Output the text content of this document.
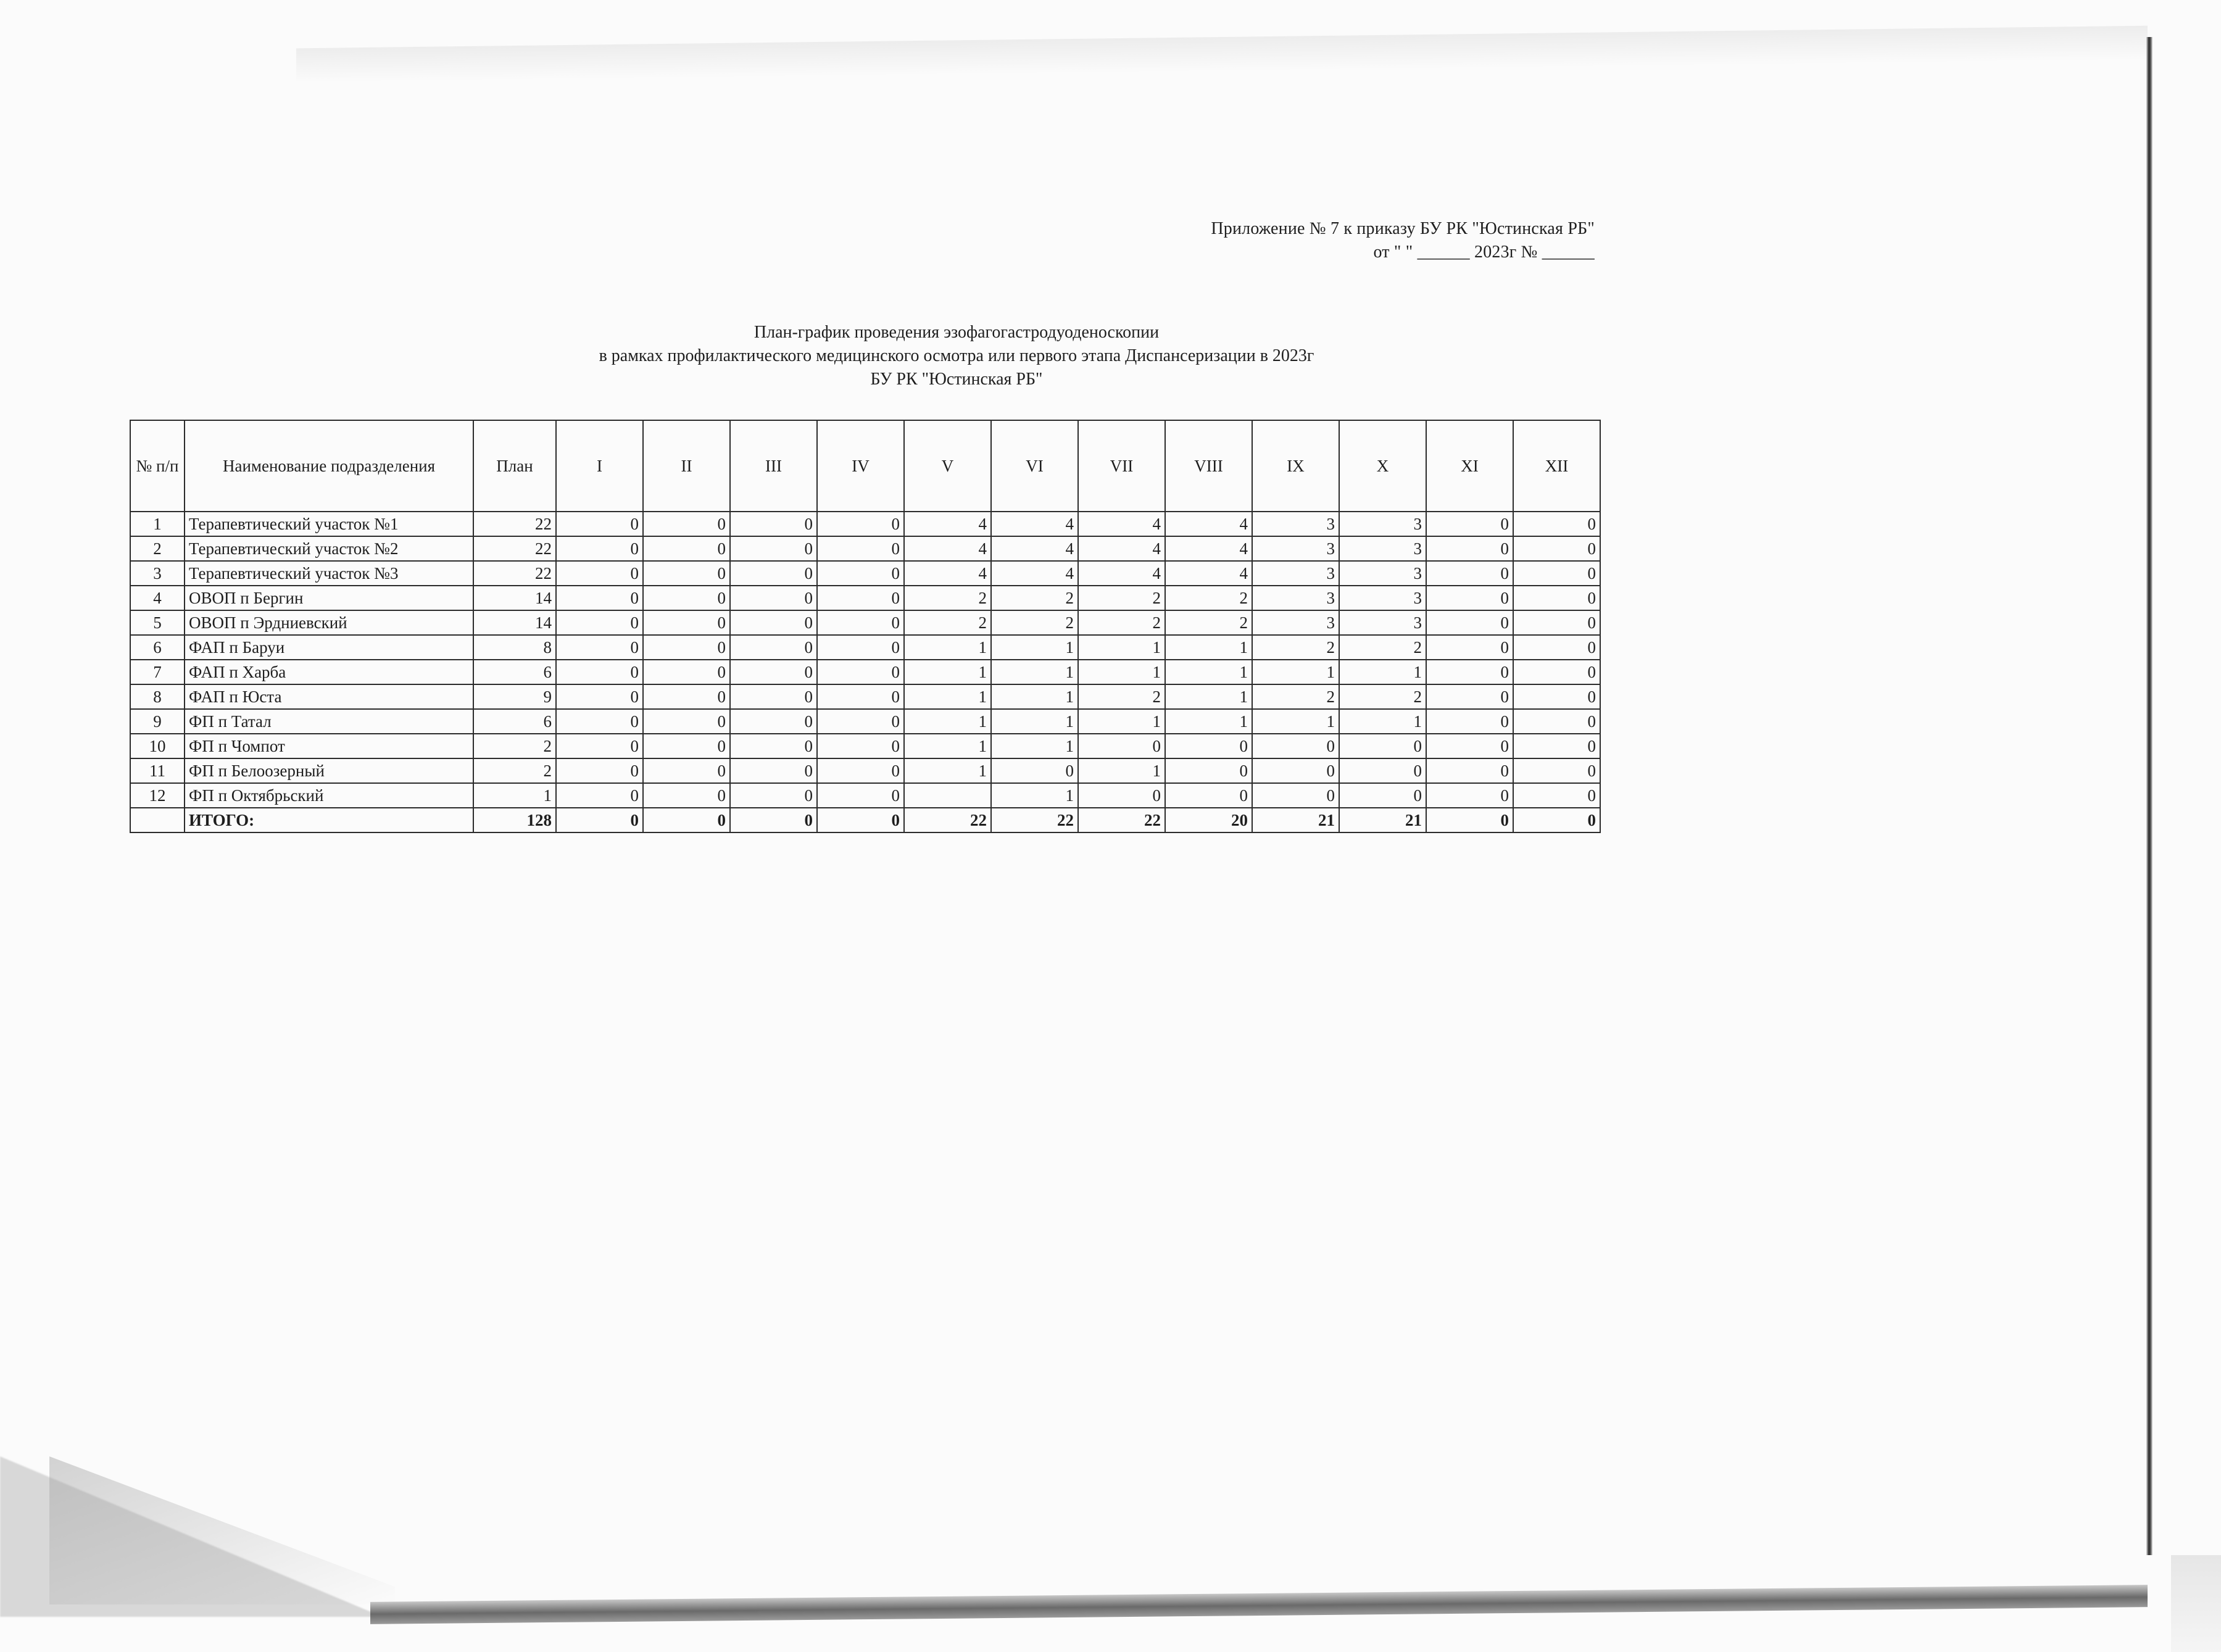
Приложение № 7 к приказу БУ РК "Юстинская РБ"
от " " ______ 2023г № ______
План-график проведения эзофагогастродуоденоскопии
в рамках профилактического медицинского осмотра или первого этапа Диспансеризации в 2023г
БУ РК "Юстинская РБ"
№ п/п	Наименование подразделения	План	I	II	III	IV	V	VI	VII	VIII	IX	X	XI	XII
1	Терапевтический участок №1	22	0	0	0	0	4	4	4	4	3	3	0	0
2	Терапевтический участок №2	22	0	0	0	0	4	4	4	4	3	3	0	0
3	Терапевтический участок №3	22	0	0	0	0	4	4	4	4	3	3	0	0
4	ОВОП п Бергин	14	0	0	0	0	2	2	2	2	3	3	0	0
5	ОВОП п Эрдниевский	14	0	0	0	0	2	2	2	2	3	3	0	0
6	ФАП п Баруи	8	0	0	0	0	1	1	1	1	2	2	0	0
7	ФАП п Харба	6	0	0	0	0	1	1	1	1	1	1	0	0
8	ФАП п Юста	9	0	0	0	0	1	1	2	1	2	2	0	0
9	ФП п Татал	6	0	0	0	0	1	1	1	1	1	1	0	0
10	ФП п Чомпот	2	0	0	0	0	1	1	0	0	0	0	0	0
11	ФП п Белоозерный	2	0	0	0	0	1	0	1	0	0	0	0	0
12	ФП п Октябрьский	1	0	0	0	0		1	0	0	0	0	0	0
	ИТОГО:	128	0	0	0	0	22	22	22	20	21	21	0	0
